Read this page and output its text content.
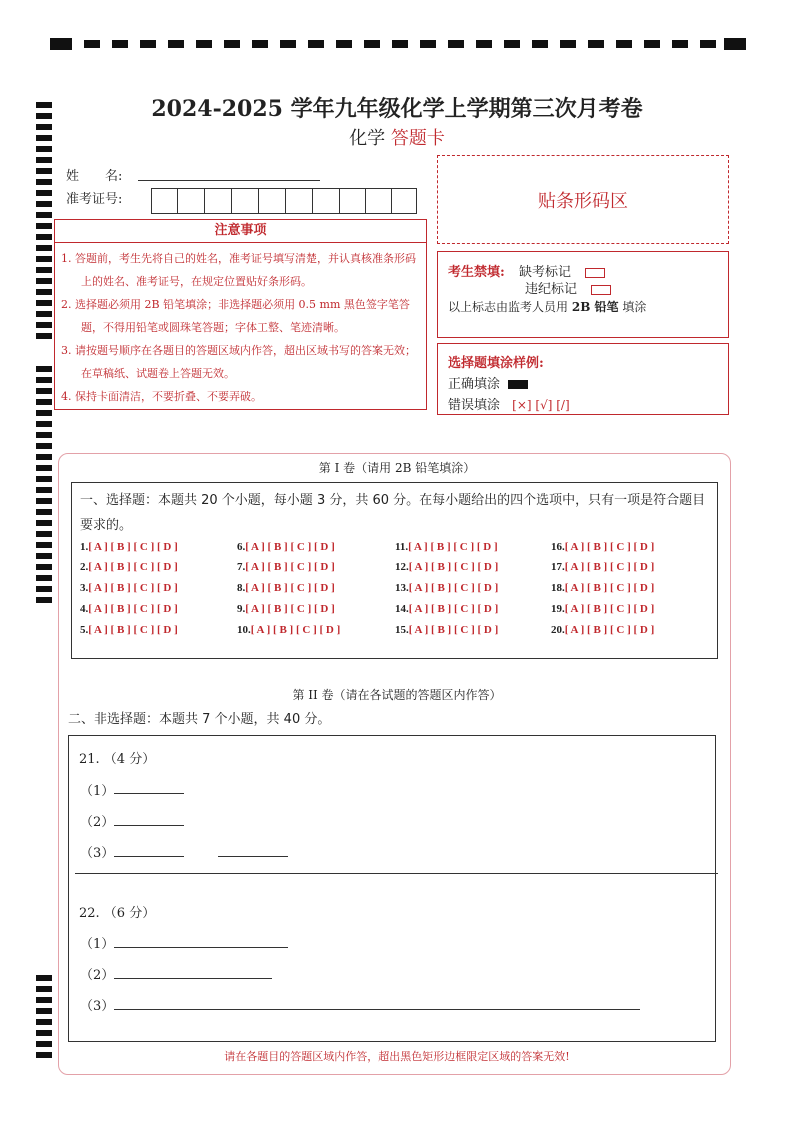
2024-2025 学年九年级化学上学期第三次月考卷
化学 答题卡
姓　　名:
准考证号:	贴条形码区
注意事项

1. 答题前，考生先将自己的姓名，准考证号填写清楚，并认真核准条形码上的姓名、准考证号，在规定位置贴好条形码。

2. 选择题必须用 2B 铅笔填涂；非选择题必须用 0.5 mm 黑色签字笔答题，不得用铅笔或圆珠笔答题；字体工整、笔迹清晰。

3. 请按题号顺序在各题目的答题区域内作答，超出区域书写的答案无效；在草稿纸、试题卷上答题无效。

4. 保持卡面清洁，不要折叠、不要弄破。

考生禁填: 缺考标记
违纪标记
以上标志由监考人员用 2B 铅笔 填涂
选择题填涂样例:
正确填涂
错误填涂 [×] [√] [/]
第 I 卷（请用 2B 铅笔填涂）
一、选择题：本题共 20 个小题，每小题 3 分，共 60 分。在每小题给出的四个选项中，只有一项是符合题目要求的。
1.[ A ] [ B ] [ C ] [ D ]
2.[ A ] [ B ] [ C ] [ D ]
3.[ A ] [ B ] [ C ] [ D ]
4.[ A ] [ B ] [ C ] [ D ]
5.[ A ] [ B ] [ C ] [ D ]
6.[ A ] [ B ] [ C ] [ D ]
7.[ A ] [ B ] [ C ] [ D ]
8.[ A ] [ B ] [ C ] [ D ]
9.[ A ] [ B ] [ C ] [ D ]
10.[ A ] [ B ] [ C ] [ D ]
11.[ A ] [ B ] [ C ] [ D ]
12.[ A ] [ B ] [ C ] [ D ]
13.[ A ] [ B ] [ C ] [ D ]
14.[ A ] [ B ] [ C ] [ D ]
15.[ A ] [ B ] [ C ] [ D ]
16.[ A ] [ B ] [ C ] [ D ]
17.[ A ] [ B ] [ C ] [ D ]
18.[ A ] [ B ] [ C ] [ D ]
19.[ A ] [ B ] [ C ] [ D ]
20.[ A ] [ B ] [ C ] [ D ]
第 II 卷（请在各试题的答题区内作答）
二、非选择题：本题共 7 个小题，共 40 分。
21. （4 分）
（1）
（2）
（3）
22. （6 分）
（1）
（2）
（3）
请在各题目的答题区域内作答，超出黑色矩形边框限定区域的答案无效!
